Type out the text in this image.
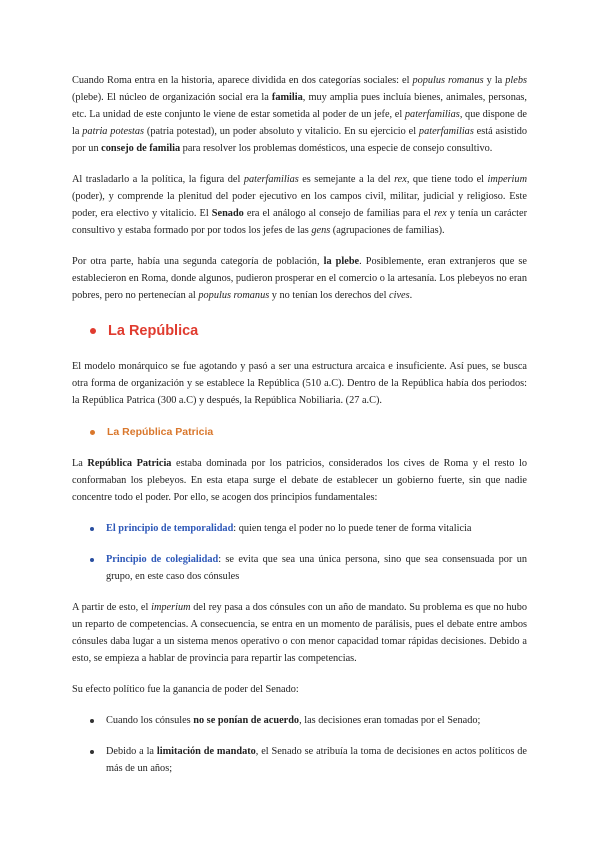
Cuando Roma entra en la historia, aparece dividida en dos categorías sociales: el populus romanus y la plebs (plebe). El núcleo de organización social era la familia, muy amplia pues incluía bienes, animales, personas, etc. La unidad de este conjunto le viene de estar sometida al poder de un jefe, el paterfamilias, que dispone de la patria potestas (patria potestad), un poder absoluto y vitalicio. En su ejercicio el paterfamilias está asistido por un consejo de familia para resolver los problemas domésticos, una especie de consejo consultivo.

Al trasladarlo a la política, la figura del paterfamilias es semejante a la del rex, que tiene todo el imperium (poder), y comprende la plenitud del poder ejecutivo en los campos civil, militar, judicial y religioso. Este poder, era electivo y vitalicio. El Senado era el análogo al consejo de familias para el rex y tenía un carácter consultivo y estaba formado por por todos los jefes de las gens (agrupaciones de familias).

Por otra parte, había una segunda categoría de población, la plebe. Posiblemente, eran extranjeros que se establecieron en Roma, donde algunos, pudieron prosperar en el comercio o la artesanía. Los plebeyos no eran pobres, pero no pertenecían al populus romanus y no tenían los derechos del cives.

La República

El modelo monárquico se fue agotando y pasó a ser una estructura arcaica e insuficiente. Así pues, se busca otra forma de organización y se establece la República (510 a.C). Dentro de la República había dos periodos: la República Patrica (300 a.C) y después, la República Nobiliaria. (27 a.C).

La República Patricia

La República Patricia estaba dominada por los patricios, considerados los cives de Roma y el resto lo conformaban los plebeyos. En esta etapa surge el debate de establecer un gobierno fuerte, sin que nadie concentre todo el poder. Por ello, se acogen dos principios fundamentales:

El principio de temporalidad: quien tenga el poder no lo puede tener de forma vitalicia

Principio de colegialidad: se evita que sea una única persona, sino que sea consensuada por un grupo, en este caso dos cónsules

A partir de esto, el imperium del rey pasa a dos cónsules con un año de mandato. Su problema es que no hubo un reparto de competencias. A consecuencia, se entra en un momento de parálisis, pues el debate entre ambos cónsules daba lugar a un sistema menos operativo o con menor capacidad tomar rápidas decisiones. Debido a esto, se empieza a hablar de provincia para repartir las competencias.

Su efecto político fue la ganancia de poder del Senado:

Cuando los cónsules no se ponían de acuerdo, las decisiones eran tomadas por el Senado;

Debido a la limitación de mandato, el Senado se atribuía la toma de decisiones en actos políticos de más de un años;
